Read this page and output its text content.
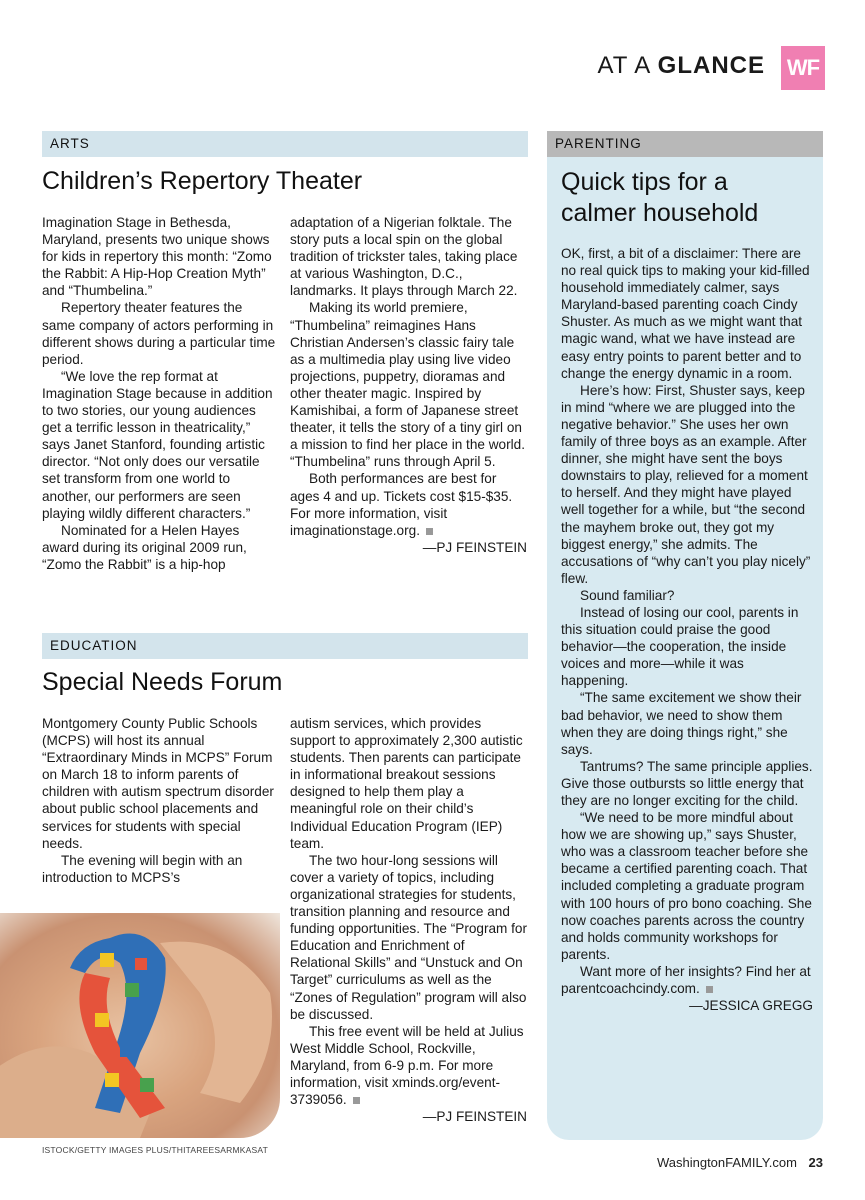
AT A GLANCE WF
ARTS
Children’s Repertory Theater

Imagination Stage in Bethesda, Maryland, presents two unique shows for kids in repertory this month: “Zomo the Rabbit: A Hip-Hop Creation Myth” and “Thumbelina.”

Repertory theater features the same company of actors performing in different shows during a particular time period.

“We love the rep format at Imagination Stage because in addition to two stories, our young audiences get a terrific lesson in theatricality,” says Janet Stanford, founding artistic director. “Not only does our versatile set transform from one world to another, our performers are seen playing wildly different characters.”

Nominated for a Helen Hayes award during its original 2009 run, “Zomo the Rabbit” is a hip-hop

adaptation of a Nigerian folktale. The story puts a local spin on the global tradition of trickster tales, taking place at various Washington, D.C., landmarks. It plays through March 22.

Making its world premiere, “Thumbelina” reimagines Hans Christian Andersen’s classic fairy tale as a multimedia play using live video projections, puppetry, dioramas and other theater magic. Inspired by Kamishibai, a form of Japanese street theater, it tells the story of a tiny girl on a mission to find her place in the world. “Thumbelina” runs through April 5.

Both performances are best for ages 4 and up. Tickets cost $15-$35. For more information, visit imaginationstage.org.

—PJ FEINSTEIN

EDUCATION
Special Needs Forum

Montgomery County Public Schools (MCPS) will host its annual “Extraordinary Minds in MCPS” Forum on March 18 to inform parents of children with autism spectrum disorder about public school placements and services for students with special needs.

The evening will begin with an introduction to MCPS’s

autism services, which provides support to approximately 2,300 autistic students. Then parents can participate in informational breakout sessions designed to help them play a meaningful role on their child’s Individual Education Program (IEP) team.

The two hour-long sessions will cover a variety of topics, including organizational strategies for students, transition planning and resource and funding opportunities. The “Program for Education and Enrichment of Relational Skills” and “Unstuck and On Target” curriculums as well as the “Zones of Regulation” program will also be discussed.

This free event will be held at Julius West Middle School, Rockville, Maryland, from 6-9 p.m. For more information, visit xminds.org/event-3739056.

—PJ FEINSTEIN

ISTOCK/GETTY IMAGES PLUS/THITAREESARMKASAT
PARENTING
Quick tips for a
calmer household

OK, first, a bit of a disclaimer: There are no real quick tips to making your kid-filled household immediately calmer, says Maryland-based parenting coach Cindy Shuster. As much as we might want that magic wand, what we have instead are easy entry points to parent better and to change the energy dynamic in a room.

Here’s how: First, Shuster says, keep in mind “where we are plugged into the negative behavior.” She uses her own family of three boys as an example. After dinner, she might have sent the boys downstairs to play, relieved for a moment to herself. And they might have played well together for a while, but “the second the mayhem broke out, they got my biggest energy,” she admits. The accusations of “why can’t you play nicely” flew.

Sound familiar?

Instead of losing our cool, parents in this situation could praise the good behavior—the cooperation, the inside voices and more—while it was happening.

“The same excitement we show their bad behavior, we need to show them when they are doing things right,” she says.

Tantrums? The same principle applies. Give those outbursts so little energy that they are no longer exciting for the child.

“We need to be more mindful about how we are showing up,” says Shuster, who was a classroom teacher before she became a certified parenting coach. That included completing a graduate program with 100 hours of pro bono coaching. She now coaches parents across the country and holds community workshops for parents.

Want more of her insights? Find her at parentcoachcindy.com.

—JESSICA GREGG

WashingtonFAMILY.com 23
